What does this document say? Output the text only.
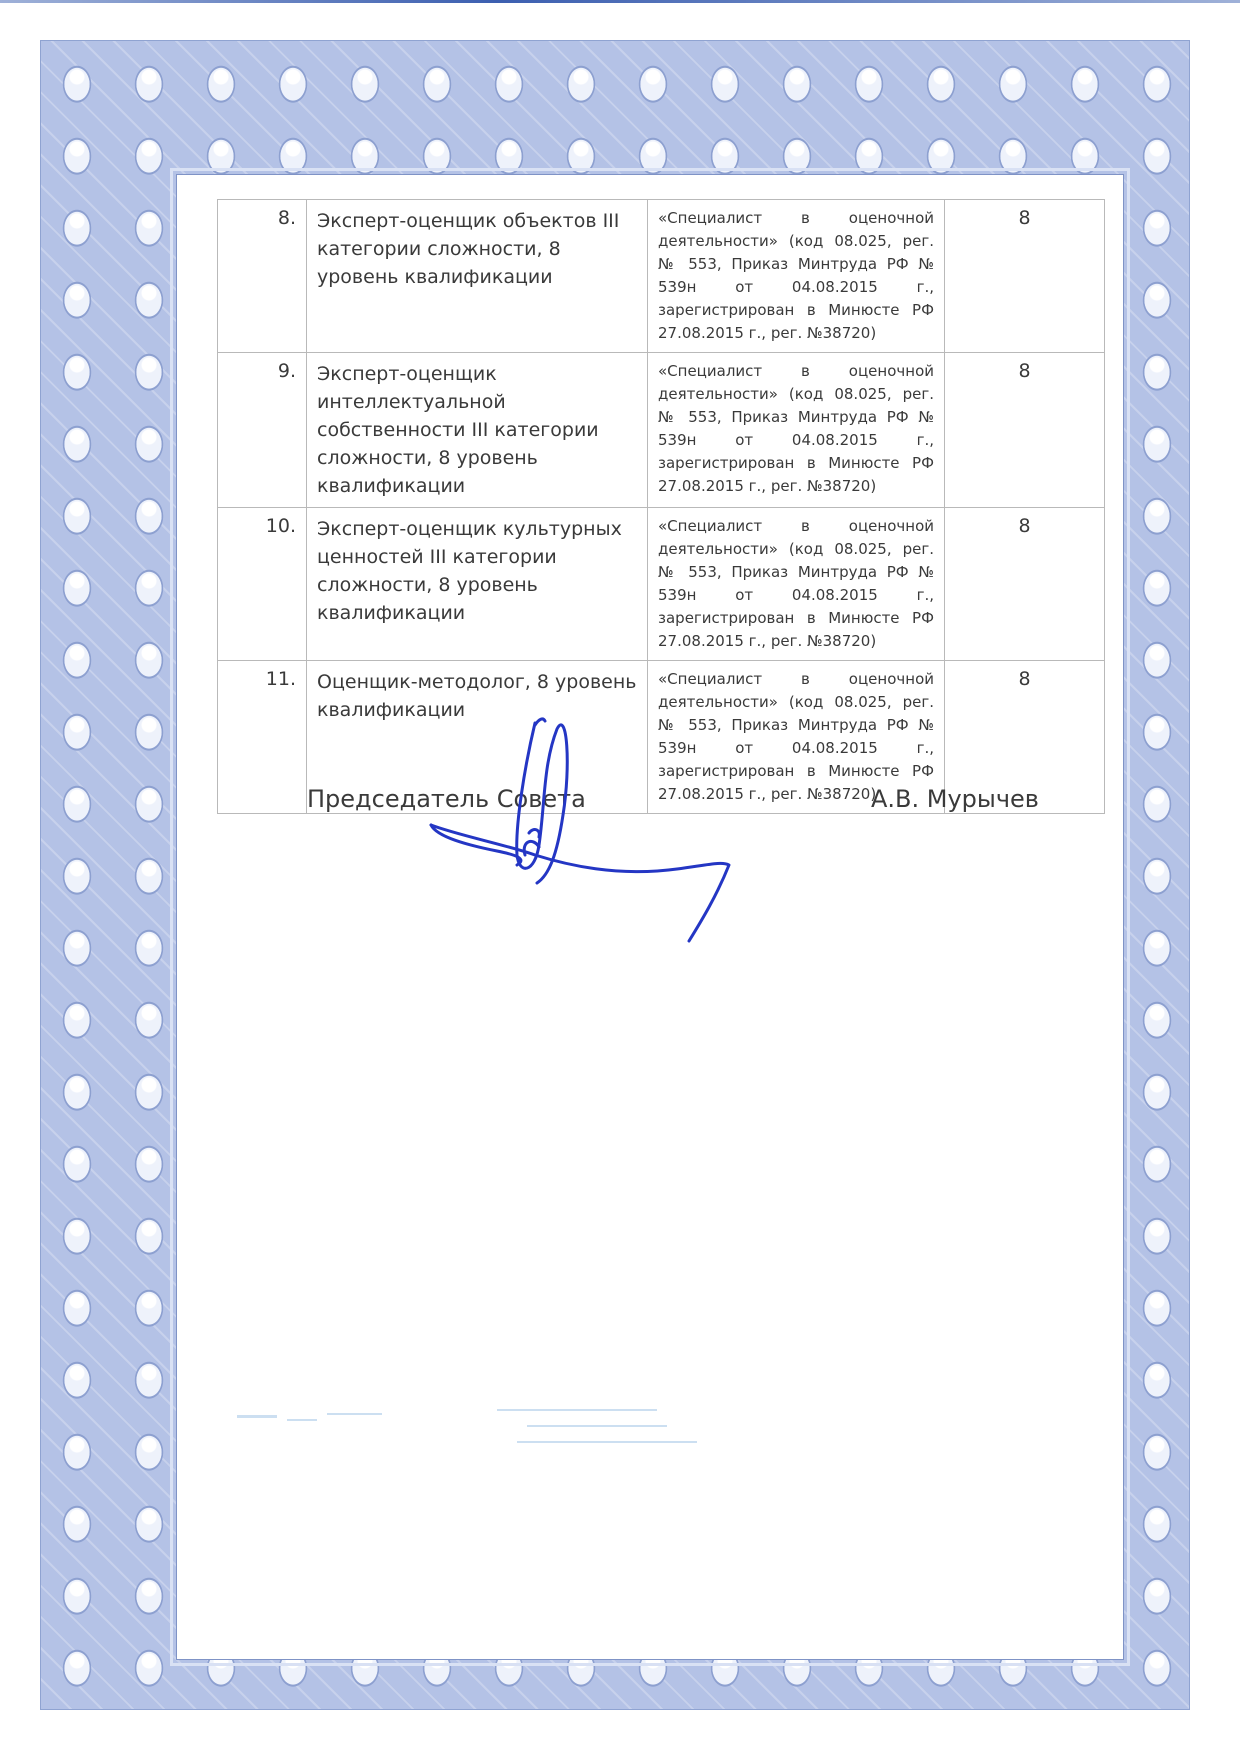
8.	Эксперт-оценщик объектов III категории сложности, 8 уровень квалификации	«Специалист в оценочной деятельности» (код 08.025, рег. № 553, Приказ Минтруда РФ № 539н от 04.08.2015 г., зарегистрирован в Минюсте РФ 27.08.2015 г., рег. №38720)	8
9.	Эксперт-оценщик интеллектуальной собственности III категории сложности, 8 уровень квалификации	«Специалист в оценочной деятельности» (код 08.025, рег. № 553, Приказ Минтруда РФ № 539н от 04.08.2015 г., зарегистрирован в Минюсте РФ 27.08.2015 г., рег. №38720)	8
10.	Эксперт-оценщик культурных ценностей III категории сложности, 8 уровень квалификации	«Специалист в оценочной деятельности» (код 08.025, рег. № 553, Приказ Минтруда РФ № 539н от 04.08.2015 г., зарегистрирован в Минюсте РФ 27.08.2015 г., рег. №38720)	8
11.	Оценщик-методолог, 8 уровень квалификации	«Специалист в оценочной деятельности» (код 08.025, рег. № 553, Приказ Минтруда РФ № 539н от 04.08.2015 г., зарегистрирован в Минюсте РФ 27.08.2015 г., рег. №38720)	8
Председатель Совета	А.В. Мурычев
